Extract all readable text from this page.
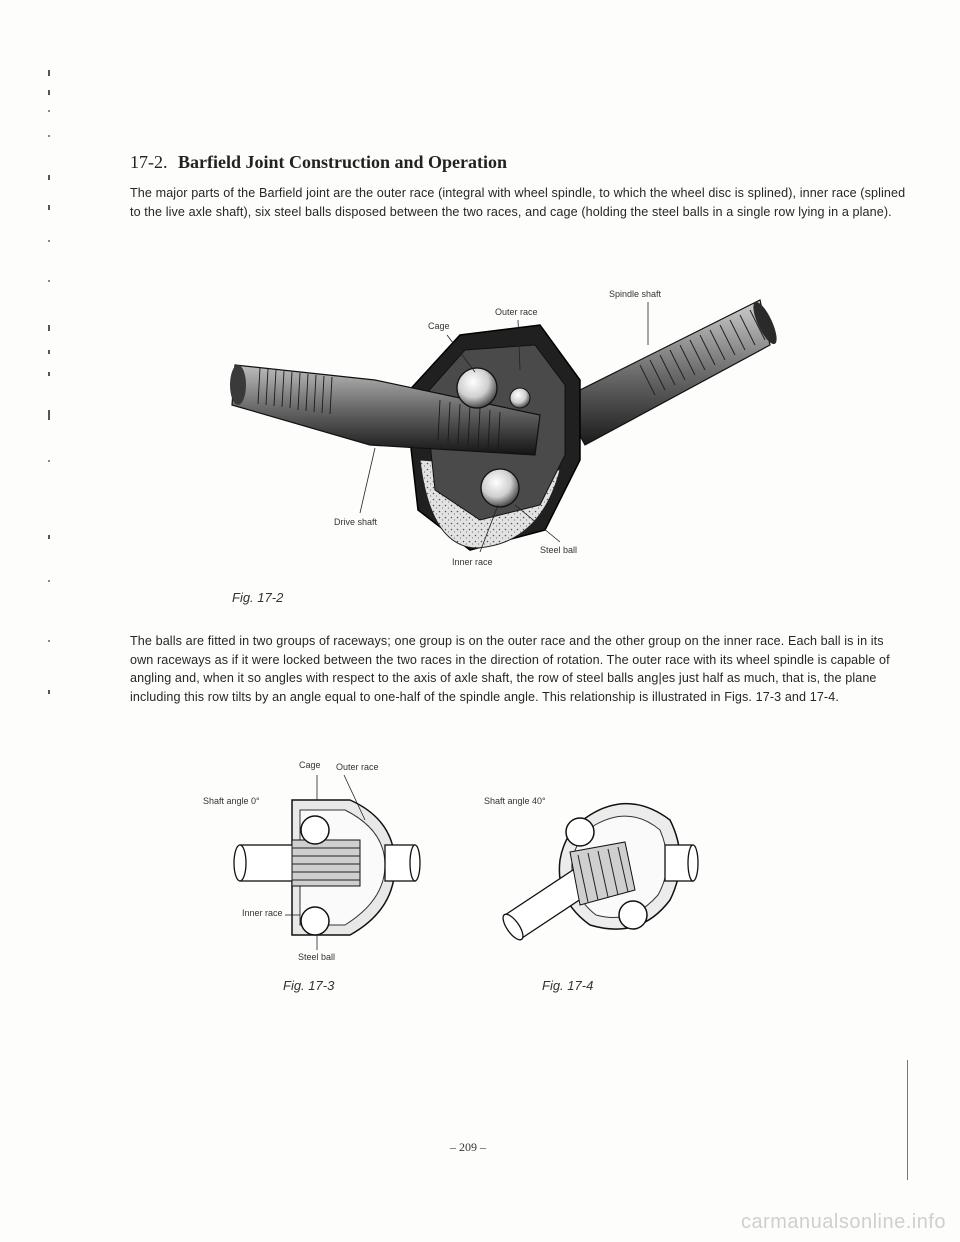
17-2. Barfield Joint Construction and Operation

The major parts of the Barfield joint are the outer race (integral with wheel spindle, to which the wheel disc is splined), inner race (splined to the live axle shaft), six steel balls disposed between the two races, and cage (holding the steel balls in a single row lying in a plane).

Cage
Outer race
Spindle shaft
Drive shaft
Inner race
Steel ball
Fig. 17-2

The balls are fitted in two groups of raceways; one group is on the outer race and the other group on the inner race. Each ball is in its own raceways as if it were locked between the two races in the direction of rotation. The outer race with its wheel spindle is capable of angling and, when it so angles with respect to the axis of axle shaft, the row of steel balls ang|es just half as much, that is, the plane including this row tilts by an angle equal to one-half of the spindle angle. This relationship is illustrated in Figs. 17-3 and 17-4.

Cage Outer race
Shaft angle 0°
Inner race
Steel ball
Fig. 17-3
Shaft angle 40°
Fig. 17-4
– 209 –
carmanualsonline.info
